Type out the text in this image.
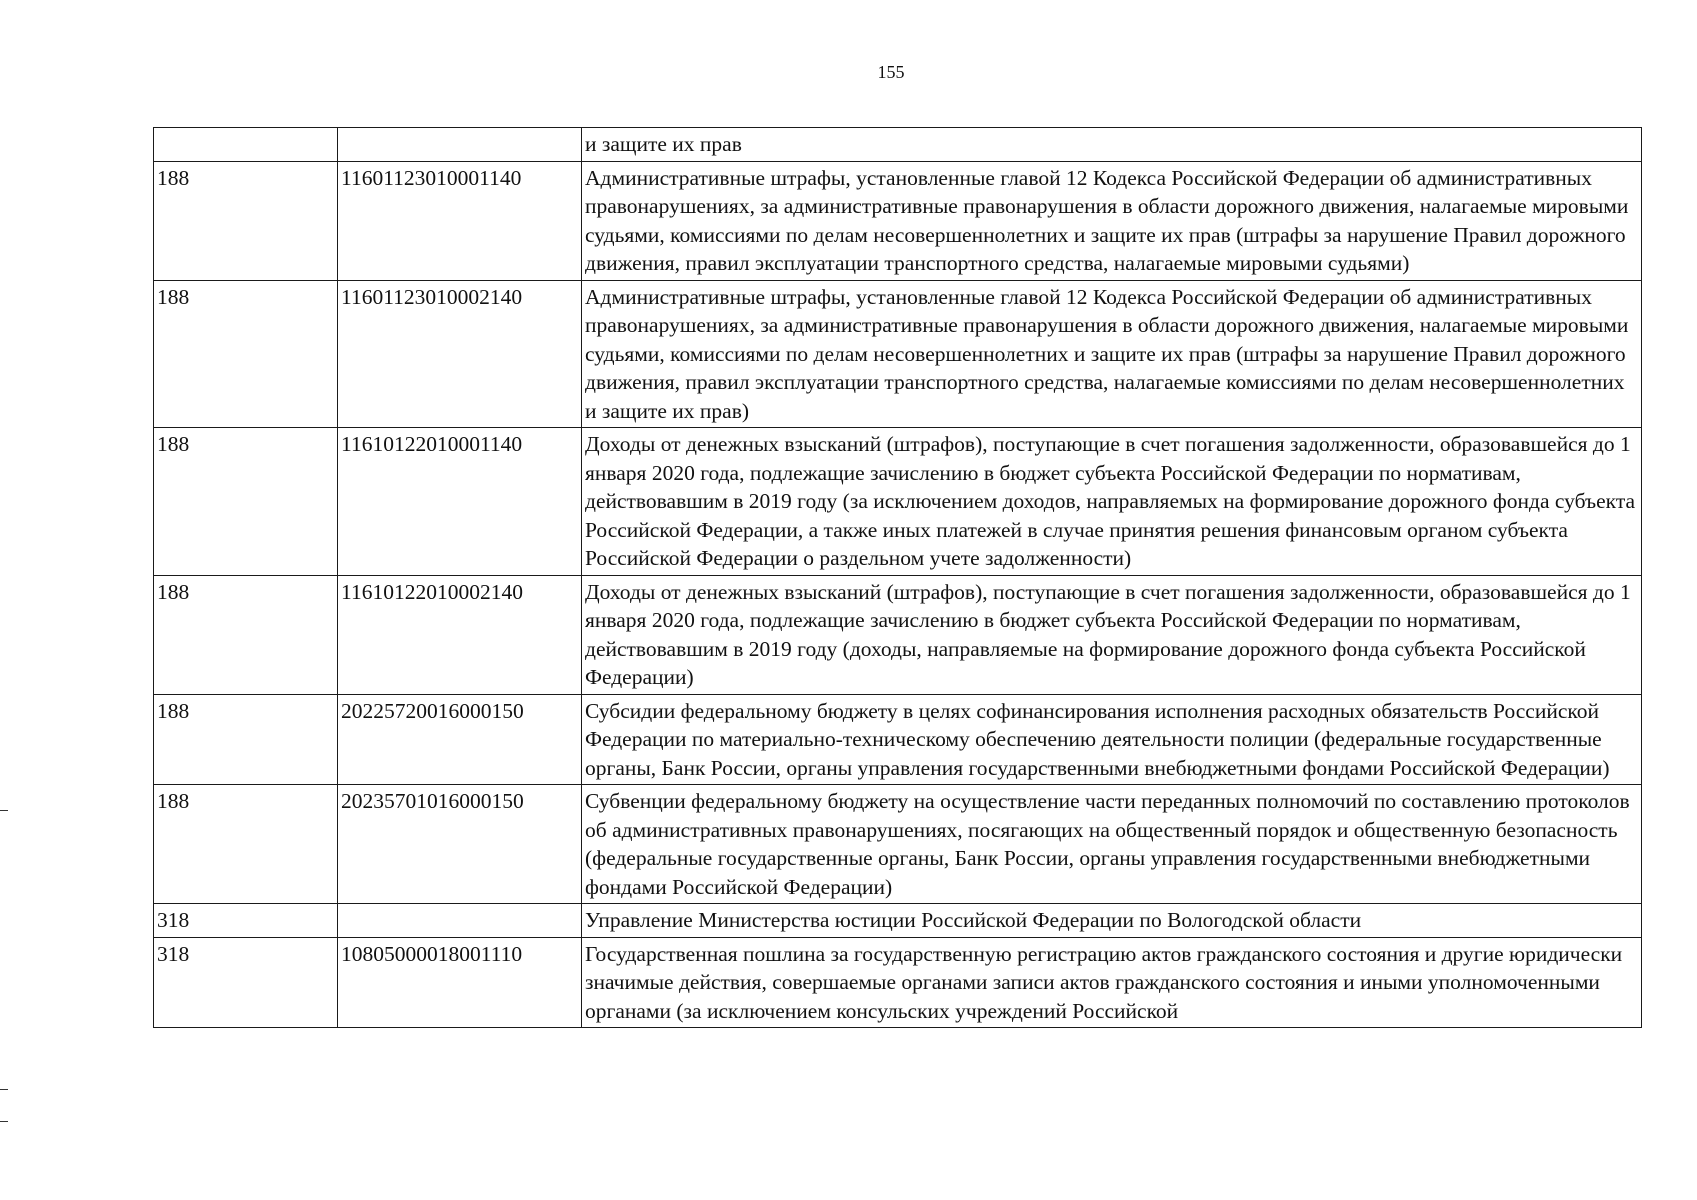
155
		и защите их прав
188	11601123010001140	Административные штрафы, установленные главой 12 Кодекса Российской Федерации об административных правонарушениях, за административные правонарушения в области дорожного движения, налагаемые мировыми судьями, комиссиями по делам несовершеннолетних и защите их прав (штрафы за нарушение Правил дорожного движения, правил эксплуатации транспортного средства, налагаемые мировыми судьями)
188	11601123010002140	Административные штрафы, установленные главой 12 Кодекса Российской Федерации об административных правонарушениях, за административные правонарушения в области дорожного движения, налагаемые мировыми судьями, комиссиями по делам несовершеннолетних и защите их прав (штрафы за нарушение Правил дорожного движения, правил эксплуатации транспортного средства, налагаемые комиссиями по делам несовершеннолетних и защите их прав)
188	11610122010001140	Доходы от денежных взысканий (штрафов), поступающие в счет погашения задолженности, образовавшейся до 1 января 2020 года, подлежащие зачислению в бюджет субъекта Российской Федерации по нормативам, действовавшим в 2019 году (за исключением доходов, направляемых на формирование дорожного фонда субъекта Российской Федерации, а также иных платежей в случае принятия решения финансовым органом субъекта Российской Федерации о раздельном учете задолженности)
188	11610122010002140	Доходы от денежных взысканий (штрафов), поступающие в счет погашения задолженности, образовавшейся до 1 января 2020 года, подлежащие зачислению в бюджет субъекта Российской Федерации по нормативам, действовавшим в 2019 году (доходы, направляемые на формирование дорожного фонда субъекта Российской Федерации)
188	20225720016000150	Субсидии федеральному бюджету в целях софинансирования исполнения расходных обязательств Российской Федерации по материально-техническому обеспечению деятельности полиции (федеральные государственные органы, Банк России, органы управления государственными внебюджетными фондами Российской Федерации)
188	20235701016000150	Субвенции федеральному бюджету на осуществление части переданных полномочий по составлению протоколов об административных правонарушениях, посягающих на общественный порядок и общественную безопасность (федеральные государственные органы, Банк России, органы управления государственными внебюджетными фондами Российской Федерации)
318		Управление Министерства юстиции Российской Федерации по Вологодской области
318	10805000018001110	Государственная пошлина за государственную регистрацию актов гражданского состояния и другие юридически значимые действия, совершаемые органами записи актов гражданского состояния и иными уполномоченными органами (за исключением консульских учреждений Российской
